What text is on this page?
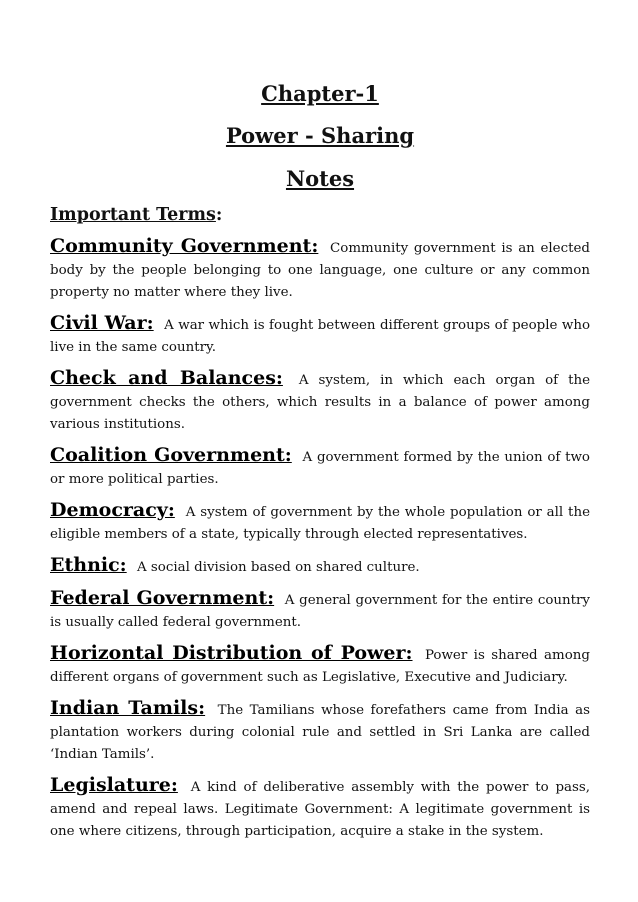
Chapter-1

Power - Sharing

Notes

Important Terms:
Community Government: Community government is an elected body by the people belonging to one language, one culture or any common property no matter where they live.
Civil War: A war which is fought between different groups of people who live in the same country.
Check and Balances: A system, in which each organ of the government checks the others, which results in a balance of power among various institutions.
Coalition Government: A government formed by the union of two or more political parties.
Democracy: A system of government by the whole population or all the eligible members of a state, typically through elected representatives.
Ethnic: A social division based on shared culture.
Federal Government: A general government for the entire country is usually called federal government.
Horizontal Distribution of Power: Power is shared among different organs of government such as Legislative, Executive and Judiciary.
Indian Tamils: The Tamilians whose forefathers came from India as plantation workers during colonial rule and settled in Sri Lanka are called ‘Indian Tamils’.
Legislature: A kind of deliberative assembly with the power to pass, amend and repeal laws. Legitimate Government: A legitimate government is one where citizens, through participation, acquire a stake in the system.
